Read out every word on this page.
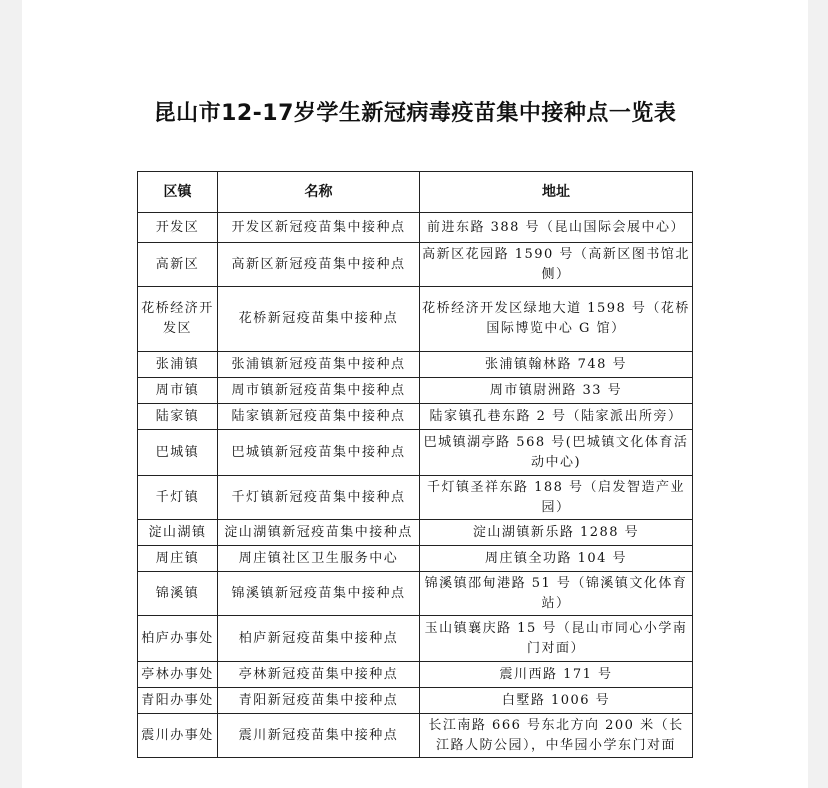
昆山市12-17岁学生新冠病毒疫苗集中接种点一览表
区镇	名称	地址
开发区	开发区新冠疫苗集中接种点	前进东路 388 号（昆山国际会展中心）
高新区	高新区新冠疫苗集中接种点	高新区花园路 1590 号（高新区图书馆北侧）
花桥经济开发区	花桥新冠疫苗集中接种点	花桥经济开发区绿地大道 1598 号（花桥国际博览中心 G 馆）
张浦镇	张浦镇新冠疫苗集中接种点	张浦镇翰林路 748 号
周市镇	周市镇新冠疫苗集中接种点	周市镇尉洲路 33 号
陆家镇	陆家镇新冠疫苗集中接种点	陆家镇孔巷东路 2 号（陆家派出所旁）
巴城镇	巴城镇新冠疫苗集中接种点	巴城镇湖亭路 568 号(巴城镇文化体育活动中心)
千灯镇	千灯镇新冠疫苗集中接种点	千灯镇圣祥东路 188 号（启发智造产业园）
淀山湖镇	淀山湖镇新冠疫苗集中接种点	淀山湖镇新乐路 1288 号
周庄镇	周庄镇社区卫生服务中心	周庄镇全功路 104 号
锦溪镇	锦溪镇新冠疫苗集中接种点	锦溪镇邵甸港路 51 号（锦溪镇文化体育站）
柏庐办事处	柏庐新冠疫苗集中接种点	玉山镇襄庆路 15 号（昆山市同心小学南门对面）
亭林办事处	亭林新冠疫苗集中接种点	震川西路 171 号
青阳办事处	青阳新冠疫苗集中接种点	白墅路 1006 号
震川办事处	震川新冠疫苗集中接种点	长江南路 666 号东北方向 200 米（长江路人防公园），中华园小学东门对面
